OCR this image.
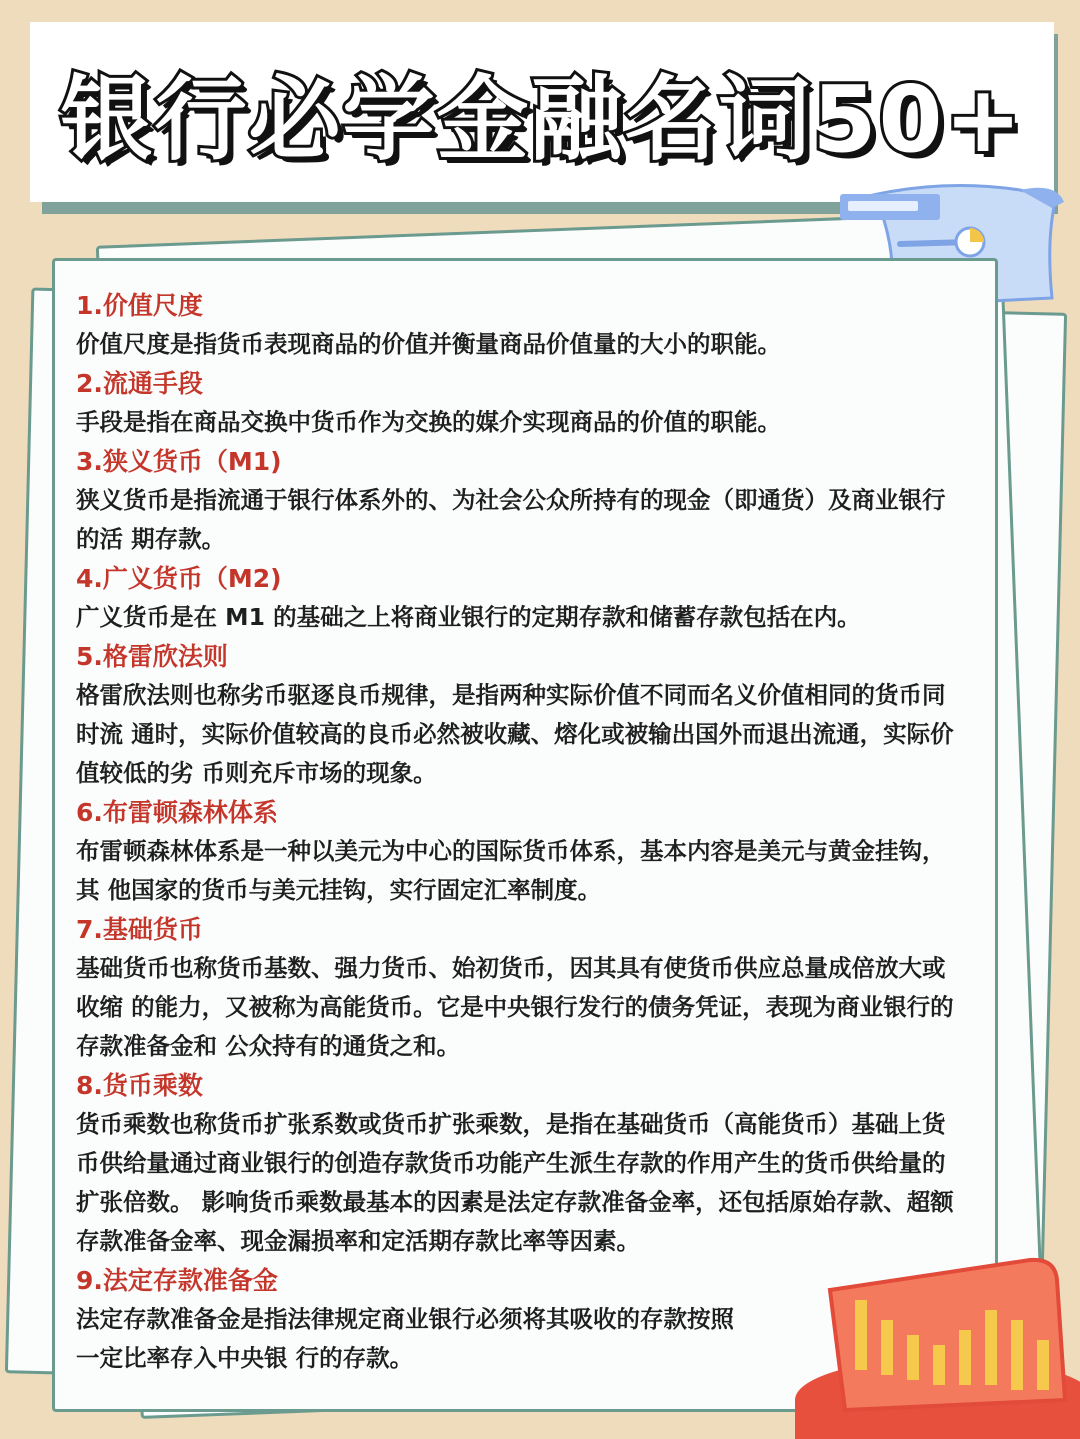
银行必学金融名词50+

1.价值尺度

价值尺度是指货币表现商品的价值并衡量商品价值量的大小的职能。

2.流通手段

手段是指在商品交换中货币作为交换的媒介实现商品的价值的职能。

3.狭义货币（M1)

狭义货币是指流通于银行体系外的、为社会公众所持有的现金（即通货）及商业银行

的活 期存款。

4.广义货币（M2)

广义货币是在 M1 的基础之上将商业银行的定期存款和储蓄存款包括在内。

5.格雷欣法则

格雷欣法则也称劣币驱逐良币规律，是指两种实际价值不同而名义价值相同的货币同

时流 通时，实际价值较高的良币必然被收藏、熔化或被输出国外而退出流通，实际价

值较低的劣 币则充斥市场的现象。

6.布雷顿森林体系

布雷顿森林体系是一种以美元为中心的国际货币体系，基本内容是美元与黄金挂钩，

其 他国家的货币与美元挂钩，实行固定汇率制度。

7.基础货币

基础货币也称货币基数、强力货币、始初货币，因其具有使货币供应总量成倍放大或

收缩 的能力，又被称为高能货币。它是中央银行发行的债务凭证，表现为商业银行的

存款准备金和 公众持有的通货之和。

8.货币乘数

货币乘数也称货币扩张系数或货币扩张乘数，是指在基础货币（高能货币）基础上货

币供给量通过商业银行的创造存款货币功能产生派生存款的作用产生的货币供给量的

扩张倍数。 影响货币乘数最基本的因素是法定存款准备金率，还包括原始存款、超额

存款准备金率、现金漏损率和定活期存款比率等因素。

9.法定存款准备金

法定存款准备金是指法律规定商业银行必须将其吸收的存款按照

一定比率存入中央银 行的存款。
